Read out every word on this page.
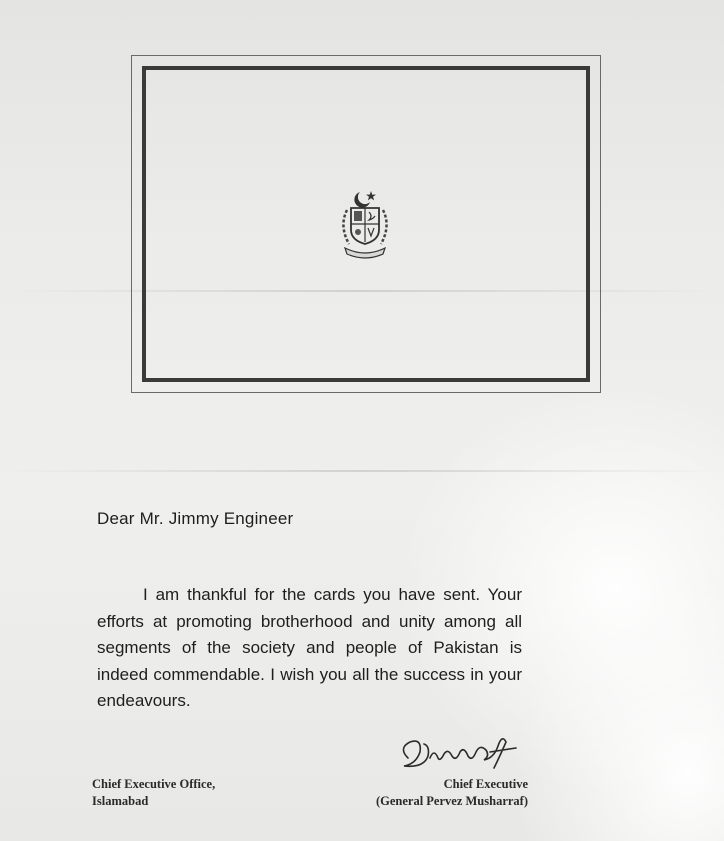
Dear Mr. Jimmy Engineer

I am thankful for the cards you have sent. Your efforts at promoting brotherhood and unity among all segments of the society and people of Pakistan is indeed commendable. I wish you all the success in your endeavours.

Chief Executive Office,
Islamabad
Chief Executive
(General Pervez Musharraf)
